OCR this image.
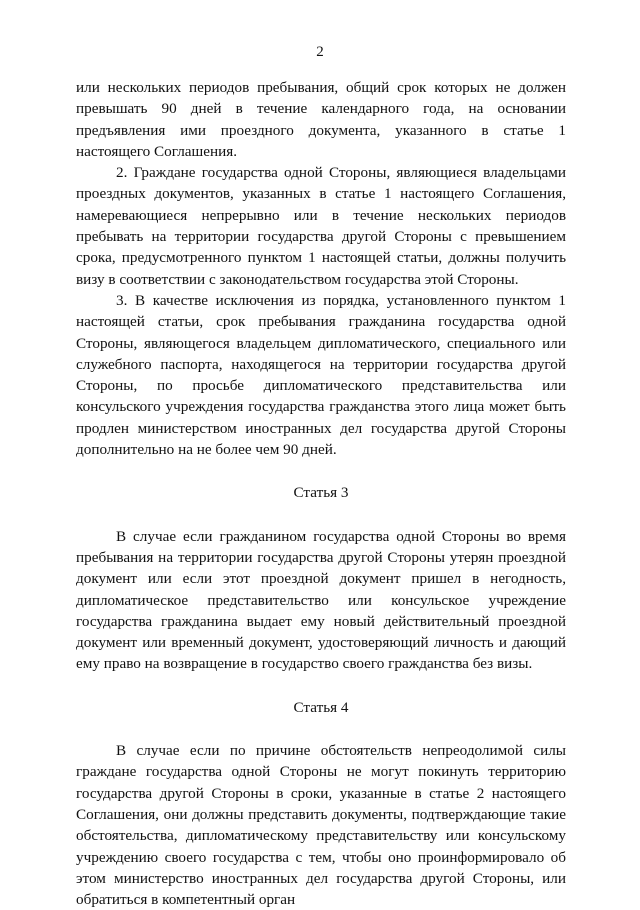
2

или нескольких периодов пребывания, общий срок которых не должен превышать 90 дней в течение календарного года, на основании предъявления ими проездного документа, указанного в статье 1 настоящего Соглашения.

2. Граждане государства одной Стороны, являющиеся владельцами проездных документов, указанных в статье 1 настоящего Соглашения, намеревающиеся непрерывно или в течение нескольких периодов пребывать на территории государства другой Стороны с превышением срока, предусмотренного пунктом 1 настоящей статьи, должны получить визу в соответствии с законодательством государства этой Стороны.

3. В качестве исключения из порядка, установленного пунктом 1 настоящей статьи, срок пребывания гражданина государства одной Стороны, являющегося владельцем дипломатического, специального или служебного паспорта, находящегося на территории государства другой Стороны, по просьбе дипломатического представительства или консульского учреждения государства гражданства этого лица может быть продлен министерством иностранных дел государства другой Стороны дополнительно на не более чем 90 дней.

Статья 3

В случае если гражданином государства одной Стороны во время пребывания на территории государства другой Стороны утерян проездной документ или если этот проездной документ пришел в негодность, дипломатическое представительство или консульское учреждение государства гражданина выдает ему новый действительный проездной документ или временный документ, удостоверяющий личность и дающий ему право на возвращение в государство своего гражданства без визы.

Статья 4

В случае если по причине обстоятельств непреодолимой силы граждане государства одной Стороны не могут покинуть территорию государства другой Стороны в сроки, указанные в статье 2 настоящего Соглашения, они должны представить документы, подтверждающие такие обстоятельства, дипломатическому представительству или консульскому учреждению своего государства с тем, чтобы оно проинформировало об этом министерство иностранных дел государства другой Стороны, или обратиться в компетентный орган
